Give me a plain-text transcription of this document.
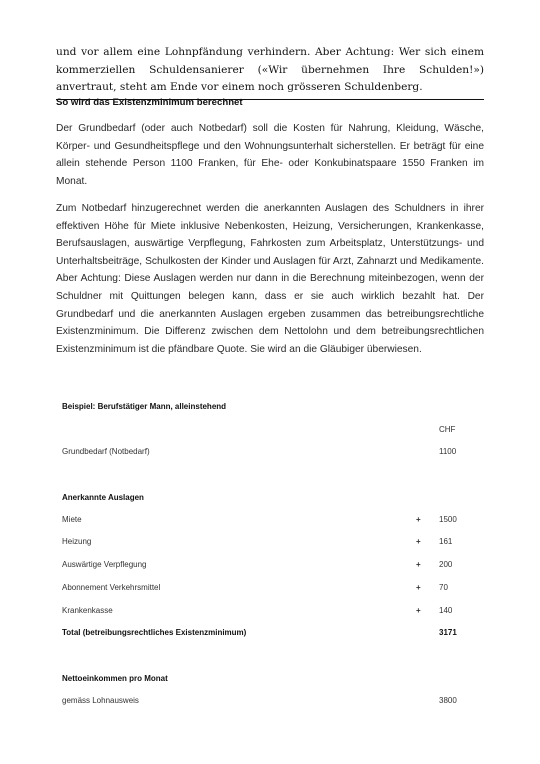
und vor allem eine Lohnpfändung verhindern. Aber Achtung: Wer sich einem kommerziellen Schuldensanierer («Wir übernehmen Ihre Schulden!») anvertraut, steht am Ende vor einem noch grösseren Schuldenberg.
So wird das Existenzminimum berechnet
Der Grundbedarf (oder auch Notbedarf) soll die Kosten für Nahrung, Kleidung, Wäsche, Körper- und Gesundheitspflege und den Wohnungsunterhalt sicherstellen. Er beträgt für eine allein stehende Person 1100 Franken, für Ehe- oder Konkubinatspaare 1550 Franken im Monat.
Zum Notbedarf hinzugerechnet werden die anerkannten Auslagen des Schuldners in ihrer effektiven Höhe für Miete inklusive Nebenkosten, Heizung, Versicherungen, Krankenkasse, Berufsauslagen, auswärtige Verpflegung, Fahrkosten zum Arbeitsplatz, Unterstützungs- und Unterhaltsbeiträge, Schulkosten der Kinder und Auslagen für Arzt, Zahnarzt und Medikamente. Aber Achtung: Diese Auslagen werden nur dann in die Berechnung miteinbezogen, wenn der Schuldner mit Quittungen belegen kann, dass er sie auch wirklich bezahlt hat. Der Grundbedarf und die anerkannten Auslagen ergeben zusammen das betreibungsrechtliche Existenzminimum. Die Differenz zwischen dem Nettolohn und dem betreibungsrechtlichen Existenzminimum ist die pfändbare Quote. Sie wird an die Gläubiger überwiesen.
Beispiel: Berufstätiger Mann, alleinstehend
CHF
Grundbedarf (Notbedarf)	1100
Anerkannte Auslagen
Miete	+ 1500
Heizung	+ 161
Auswärtige Verpflegung	+ 200
Abonnement Verkehrsmittel	+ 70
Krankenkasse	+ 140
Total (betreibungsrechtliches Existenzminimum)	3171
Nettoeinkommen pro Monat
gemäss Lohnausweis	3800
